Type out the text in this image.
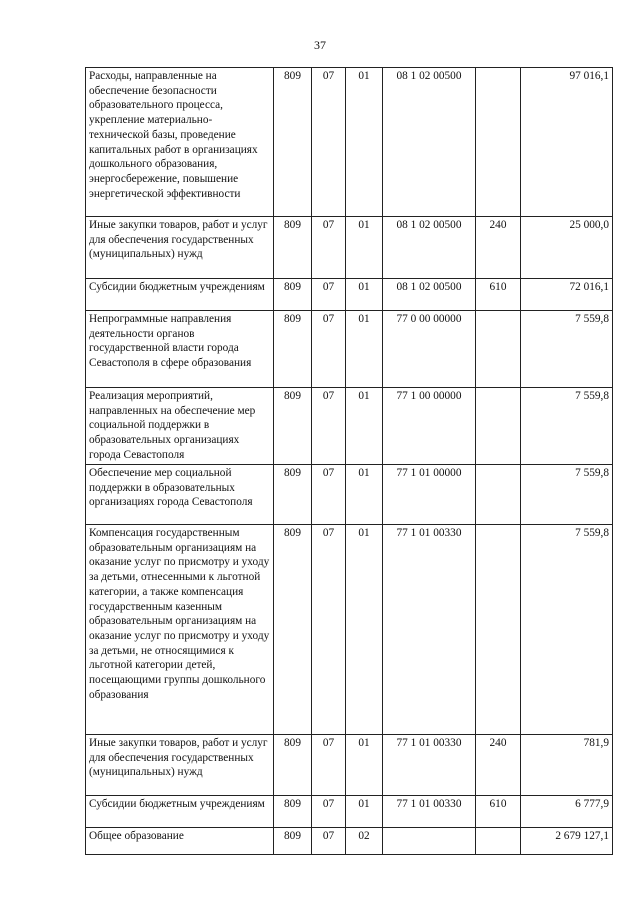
37
Расходы, направленные на обеспечение безопасности образовательного процесса, укрепление материально-технической базы, проведение капитальных работ в организациях дошкольного образования, энергосбережение, повышение энергетической эффективности	809	07	01	08 1 02 00500		97 016,1
Иные закупки товаров, работ и услуг для обеспечения государственных (муниципальных) нужд	809	07	01	08 1 02 00500	240	25 000,0
Субсидии бюджетным учреждениям	809	07	01	08 1 02 00500	610	72 016,1
Непрограммные направления деятельности органов государственной власти города Севастополя в сфере образования	809	07	01	77 0 00 00000		7 559,8
Реализация мероприятий, направленных на обеспечение мер социальной поддержки в образовательных организациях города Севастополя	809	07	01	77 1 00 00000		7 559,8
Обеспечение мер социальной поддержки в образовательных организациях города Севастополя	809	07	01	77 1 01 00000		7 559,8
Компенсация государственным образовательным организациям на оказание услуг по присмотру и уходу за детьми, отнесенными к льготной категории, а также компенсация государственным казенным образовательным организациям на оказание услуг по присмотру и уходу за детьми, не относящимися к льготной категории детей, посещающими группы дошкольного образования	809	07	01	77 1 01 00330		7 559,8
Иные закупки товаров, работ и услуг для обеспечения государственных (муниципальных) нужд	809	07	01	77 1 01 00330	240	781,9
Субсидии бюджетным учреждениям	809	07	01	77 1 01 00330	610	6 777,9
Общее образование	809	07	02			2 679 127,1
